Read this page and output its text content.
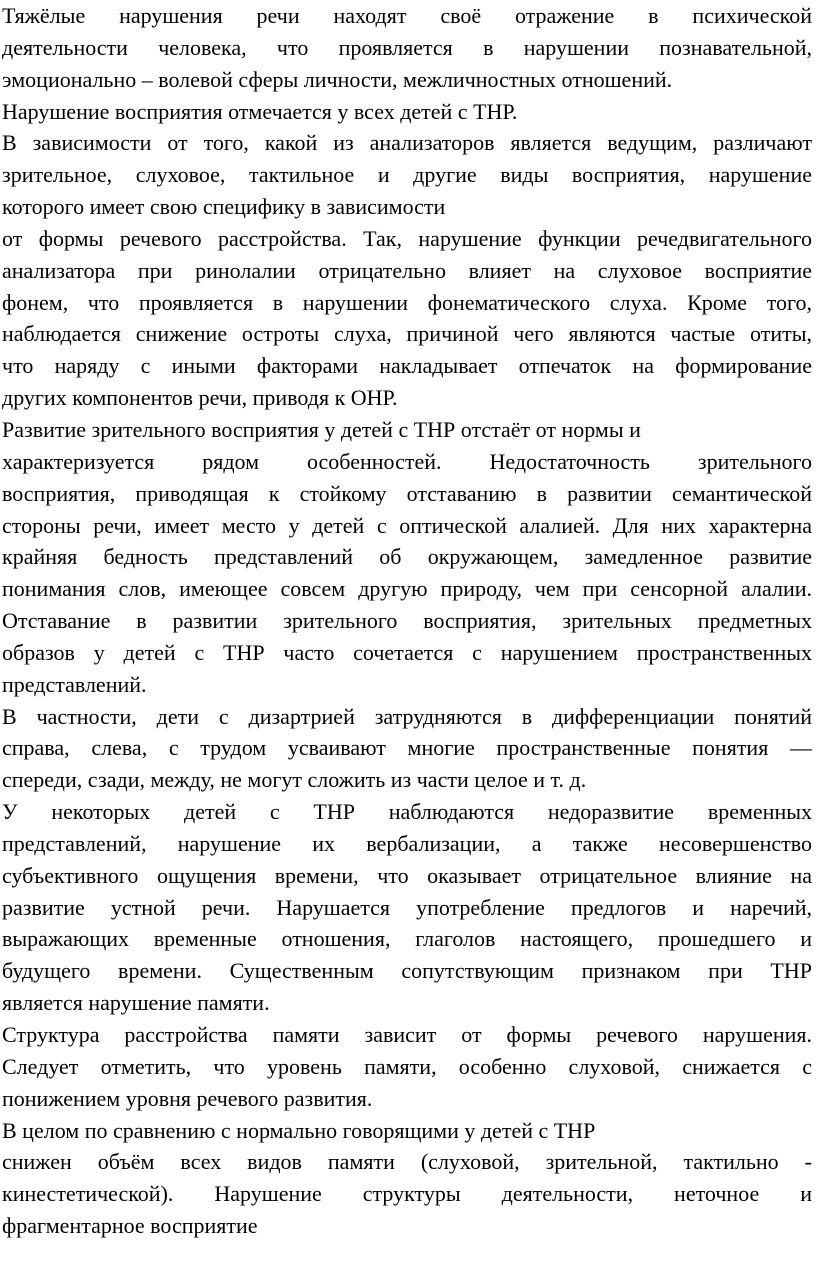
Тяжёлые нарушения речи находят своё отражение в психической
деятельности человека, что проявляется в нарушении познавательной,
эмоционально – волевой сферы личности, межличностных отношений.
Нарушение восприятия отмечается у всех детей с ТНР.
В зависимости от того, какой из анализаторов является ведущим, различают
зрительное, слуховое, тактильное и другие виды восприятия, нарушение
которого имеет свою специфику в зависимости
от формы речевого расстройства. Так, нарушение функции речедвигательного
анализатора при ринолалии отрицательно влияет на слуховое восприятие
фонем, что проявляется в нарушении фонематического слуха. Кроме того,
наблюдается снижение остроты слуха, причиной чего являются частые отиты,
что наряду с иными факторами накладывает отпечаток на формирование
других компонентов речи, приводя к ОНР.
Развитие зрительного восприятия у детей с ТНР отстаёт от нормы и
характеризуется рядом особенностей. Недостаточность зрительного
восприятия, приводящая к стойкому отставанию в развитии семантической
стороны речи, имеет место у детей с оптической алалией. Для них характерна
крайняя бедность представлений об окружающем, замедленное развитие
понимания слов, имеющее совсем другую природу, чем при сенсорной алалии.
Отставание в развитии зрительного восприятия, зрительных предметных
образов у детей с ТНР часто сочетается с нарушением пространственных
представлений.
В частности, дети с дизартрией затрудняются в дифференциации понятий
справа, слева, с трудом усваивают многие пространственные понятия —
спереди, сзади, между, не могут сложить из части целое и т. д.
У некоторых детей с ТНР наблюдаются недоразвитие временных
представлений, нарушение их вербализации, а также несовершенство
субъективного ощущения времени, что оказывает отрицательное влияние на
развитие устной речи. Нарушается употребление предлогов и наречий,
выражающих временные отношения, глаголов настоящего, прошедшего и
будущего времени. Существенным сопутствующим признаком при ТНР
является нарушение памяти.
Структура расстройства памяти зависит от формы речевого нарушения.
Следует отметить, что уровень памяти, особенно слуховой, снижается с
понижением уровня речевого развития.
В целом по сравнению с нормально говорящими у детей с ТНР
снижен объём всех видов памяти (слуховой, зрительной, тактильно -
кинестетической). Нарушение структуры деятельности, неточное и
фрагментарное восприятие
